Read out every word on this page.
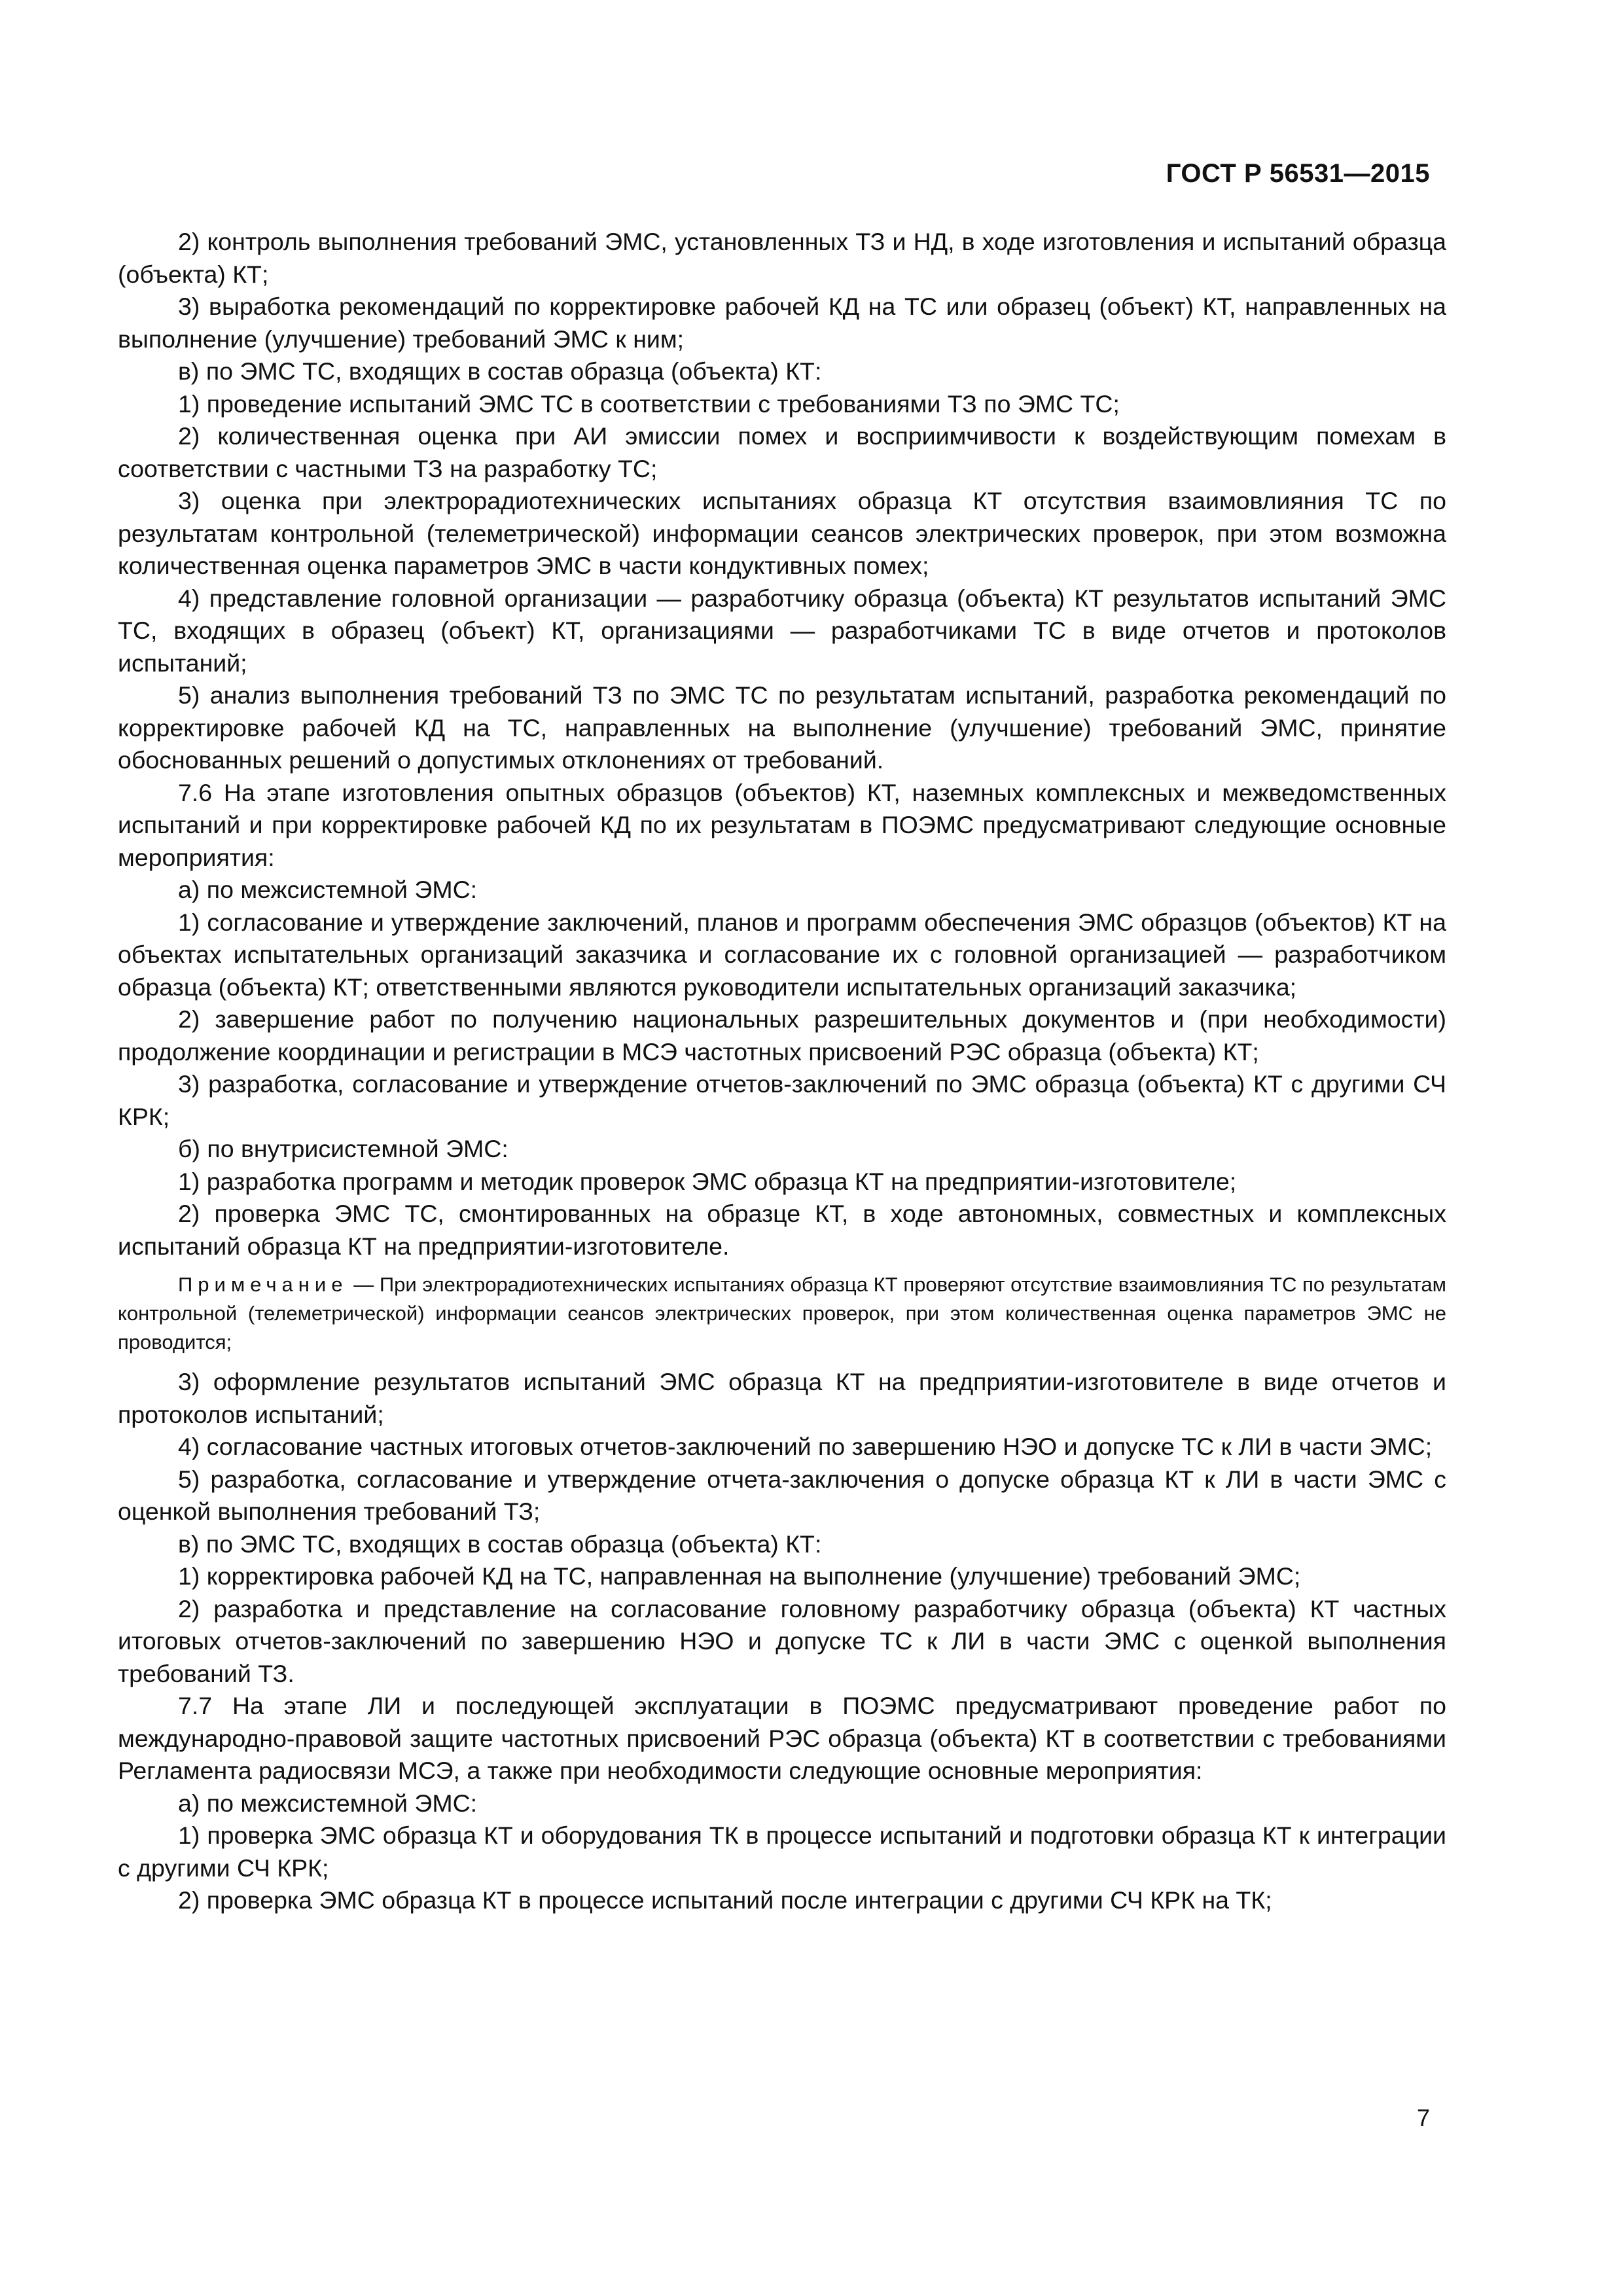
ГОСТ Р 56531—2015

2) контроль выполнения требований ЭМС, установленных ТЗ и НД, в ходе изготовления и испытаний образца (объекта) КТ;

3) выработка рекомендаций по корректировке рабочей КД на ТС или образец (объект) КТ, направленных на выполнение (улучшение) требований ЭМС к ним;

в) по ЭМС ТС, входящих в состав образца (объекта) КТ:

1) проведение испытаний ЭМС ТС в соответствии с требованиями ТЗ по ЭМС ТС;

2) количественная оценка при АИ эмиссии помех и восприимчивости к воздействующим помехам в соответствии с частными ТЗ на разработку ТС;

3) оценка при электрорадиотехнических испытаниях образца КТ отсутствия взаимовлияния ТС по результатам контрольной (телеметрической) информации сеансов электрических проверок, при этом возможна количественная оценка параметров ЭМС в части кондуктивных помех;

4) представление головной организации — разработчику образца (объекта) КТ результатов испытаний ЭМС ТС, входящих в образец (объект) КТ, организациями — разработчиками ТС в виде отчетов и протоколов испытаний;

5) анализ выполнения требований ТЗ по ЭМС ТС по результатам испытаний, разработка рекомендаций по корректировке рабочей КД на ТС, направленных на выполнение (улучшение) требований ЭМС, принятие обоснованных решений о допустимых отклонениях от требований.

7.6 На этапе изготовления опытных образцов (объектов) КТ, наземных комплексных и межведомственных испытаний и при корректировке рабочей КД по их результатам в ПОЭМС предусматривают следующие основные мероприятия:

а) по межсистемной ЭМС:

1) согласование и утверждение заключений, планов и программ обеспечения ЭМС образцов (объектов) КТ на объектах испытательных организаций заказчика и согласование их с головной организацией — разработчиком образца (объекта) КТ; ответственными являются руководители испытательных организаций заказчика;

2) завершение работ по получению национальных разрешительных документов и (при необходимости) продолжение координации и регистрации в МСЭ частотных присвоений РЭС образца (объекта) КТ;

3) разработка, согласование и утверждение отчетов-заключений по ЭМС образца (объекта) КТ с другими СЧ КРК;

б) по внутрисистемной ЭМС:

1) разработка программ и методик проверок ЭМС образца КТ на предприятии-изготовителе;

2) проверка ЭМС ТС, смонтированных на образце КТ, в ходе автономных, совместных и комплексных испытаний образца КТ на предприятии-изготовителе.

Примечание — При электрорадиотехнических испытаниях образца КТ проверяют отсутствие взаимовлияния ТС по результатам контрольной (телеметрической) информации сеансов электрических проверок, при этом количественная оценка параметров ЭМС не проводится;

3) оформление результатов испытаний ЭМС образца КТ на предприятии-изготовителе в виде отчетов и протоколов испытаний;

4) согласование частных итоговых отчетов-заключений по завершению НЭО и допуске ТС к ЛИ в части ЭМС;

5) разработка, согласование и утверждение отчета-заключения о допуске образца КТ к ЛИ в части ЭМС с оценкой выполнения требований ТЗ;

в) по ЭМС ТС, входящих в состав образца (объекта) КТ:

1) корректировка рабочей КД на ТС, направленная на выполнение (улучшение) требований ЭМС;

2) разработка и представление на согласование головному разработчику образца (объекта) КТ частных итоговых отчетов-заключений по завершению НЭО и допуске ТС к ЛИ в части ЭМС с оценкой выполнения требований ТЗ.

7.7 На этапе ЛИ и последующей эксплуатации в ПОЭМС предусматривают проведение работ по международно-правовой защите частотных присвоений РЭС образца (объекта) КТ в соответствии с требованиями Регламента радиосвязи МСЭ, а также при необходимости следующие основные мероприятия:

а) по межсистемной ЭМС:

1) проверка ЭМС образца КТ и оборудования ТК в процессе испытаний и подготовки образца КТ к интеграции с другими СЧ КРК;

2) проверка ЭМС образца КТ в процессе испытаний после интеграции с другими СЧ КРК на ТК;

7
